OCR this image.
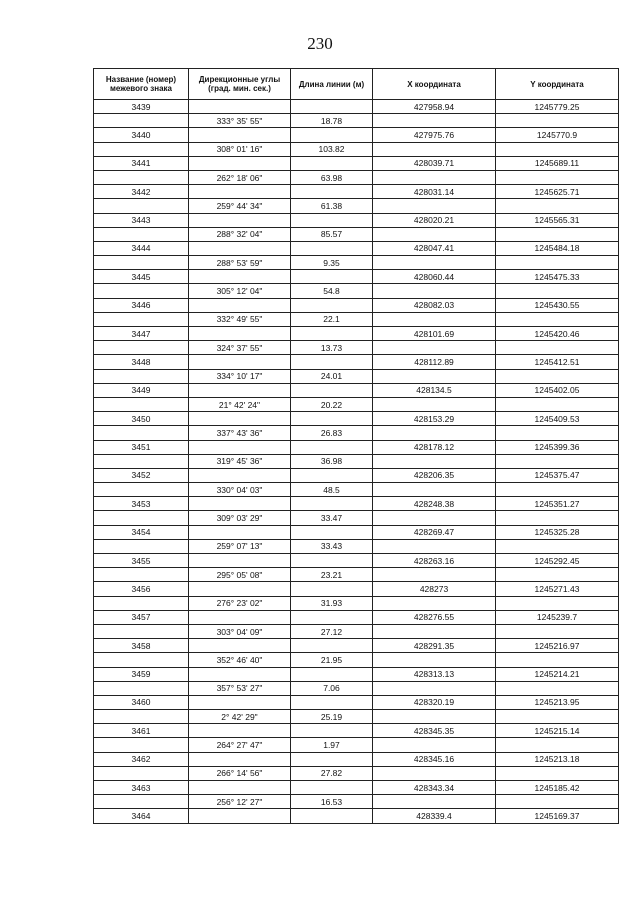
230
Название (номер) межевого знака	Дирекционные углы (град. мин. сек.)	Длина линии (м)	X координата	Y координата
3439			427958.94	1245779.25
	333° 35' 55"	18.78		
3440			427975.76	1245770.9
	308° 01' 16"	103.82		
3441			428039.71	1245689.11
	262° 18' 06"	63.98		
3442			428031.14	1245625.71
	259° 44' 34"	61.38		
3443			428020.21	1245565.31
	288° 32' 04"	85.57		
3444			428047.41	1245484.18
	288° 53' 59"	9.35		
3445			428060.44	1245475.33
	305° 12' 04"	54.8		
3446			428082.03	1245430.55
	332° 49' 55"	22.1		
3447			428101.69	1245420.46
	324° 37' 55"	13.73		
3448			428112.89	1245412.51
	334° 10' 17"	24.01		
3449			428134.5	1245402.05
	21° 42' 24"	20.22		
3450			428153.29	1245409.53
	337° 43' 36"	26.83		
3451			428178.12	1245399.36
	319° 45' 36"	36.98		
3452			428206.35	1245375.47
	330° 04' 03"	48.5		
3453			428248.38	1245351.27
	309° 03' 29"	33.47		
3454			428269.47	1245325.28
	259° 07' 13"	33.43		
3455			428263.16	1245292.45
	295° 05' 08"	23.21		
3456			428273	1245271.43
	276° 23' 02"	31.93		
3457			428276.55	1245239.7
	303° 04' 09"	27.12		
3458			428291.35	1245216.97
	352° 46' 40"	21.95		
3459			428313.13	1245214.21
	357° 53' 27"	7.06		
3460			428320.19	1245213.95
	2° 42' 29"	25.19		
3461			428345.35	1245215.14
	264° 27' 47"	1.97		
3462			428345.16	1245213.18
	266° 14' 56"	27.82		
3463			428343.34	1245185.42
	256° 12' 27"	16.53		
3464			428339.4	1245169.37
